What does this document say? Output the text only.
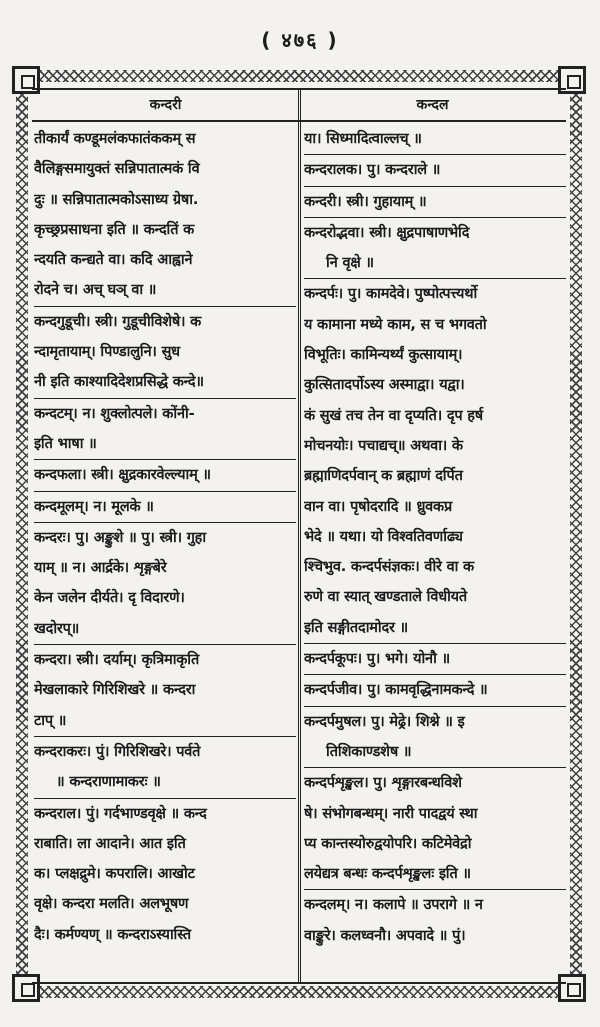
( ४७६ )
कन्दरी	कन्दल
तीकार्यं कण्डूमलंकफातंककम् स
वैलिङ्गसमायुक्तं सन्निपातात्मकं वि
दुः ॥ सन्निपातात्मकोऽसाध्य ग्रेषा.
कृच्छ्रप्रसाधना इति ॥ कन्दतिं क
न्दयति कन्द्यते वा। कदि आह्वाने
रोदने च। अच् घञ् वा ॥
कन्दगुडूची। स्त्री। गुडूचीविशेषे। क
न्दामृतायाम्। पिण्डालुनि। सुध
नी इति काश्यादिदेशप्रसिद्धे कन्दे॥
कन्दटम्। न। शुक्लोत्पले। कोंनी-
इति भाषा ॥
कन्दफला। स्त्री। क्षुद्रकारवेल्ल्याम् ॥
कन्दमूलम्। न। मूलके ॥
कन्दरः। पु। अङ्कुशे ॥ पु। स्त्री। गुहा
याम् ॥ न। आर्द्रके। शृङ्गबेरे
केन जलेन दीर्यते। दृ विदारणे।
खदोरप्॥
कन्दरा। स्त्री। दर्याम्। कृत्रिमाकृति
मेखलाकारे गिरिशिखरे ॥ कन्दरा
टाप् ॥
कन्दराकरः। पुं। गिरिशिखरे। पर्वते
॥ कन्दराणामाकरः ॥
कन्दराल। पुं। गर्दभाण्डवृक्षे ॥ कन्द
राबाति। ला आदाने। आत इति
क। प्लक्षद्रुमे। कपरालि। आखोट
वृक्षे। कन्दरा मलति। अलभूषण
दैः। कर्मण्यण् ॥ कन्दराऽस्यास्ति
या। सिध्मादित्वाल्लच् ॥
कन्दरालक। पु। कन्दराले ॥
कन्दरी। स्त्री। गुहायाम् ॥
कन्दरोद्भवा। स्त्री। क्षुद्रपाषाणभेदि
नि वृक्षे ॥
कन्दर्पः। पु। कामदेवे। पुष्पोत्पत्त्यर्थो
य कामाना मध्ये काम, स च भगवतो
विभूतिः। कामिन्यर्थ्यं कुत्सायाम्।
कुत्सितादर्पोऽस्य अस्माद्वा। यद्वा।
कं सुखं तच तेन वा दृप्यति। दृप हर्ष
मोचनयोः। पचाद्यच्॥ अथवा। के
ब्रह्माणिदर्पवान् क ब्रह्माणं दर्पित
वान वा। पृषोदरादि ॥ ध्रुवकप्र
भेदे ॥ यथा। यो विश्वतिवर्णाढ्य
श्चिभुव. कन्दर्पसंज्ञकः। वीरे वा क
रुणे वा स्यात् खण्डताले विधीयते
इति सङ्गीतदामोदर ॥
कन्दर्पकूपः। पु। भगे। योनौ ॥
कन्दर्पजीव। पु। कामवृद्धिनामकन्दे ॥
कन्दर्पमुषल। पु। मेढ्रे। शिश्ने ॥ इ
तिशिकाण्डशेष ॥
कन्दर्पशृङ्खल। पु। शृङ्गारबन्धविशे
षे। संभोगबन्धम्। नारी पादद्वयं स्था
प्य कान्तस्योरुद्वयोपरि। कटिमेवेद्रो
लयेद्यत्र बन्धः कन्दर्पशृङ्खलः इति ॥
कन्दलम्। न। कलापे ॥ उपरागे ॥ न
वाङ्कुरे। कलध्वनौ। अपवादे ॥ पुं।
